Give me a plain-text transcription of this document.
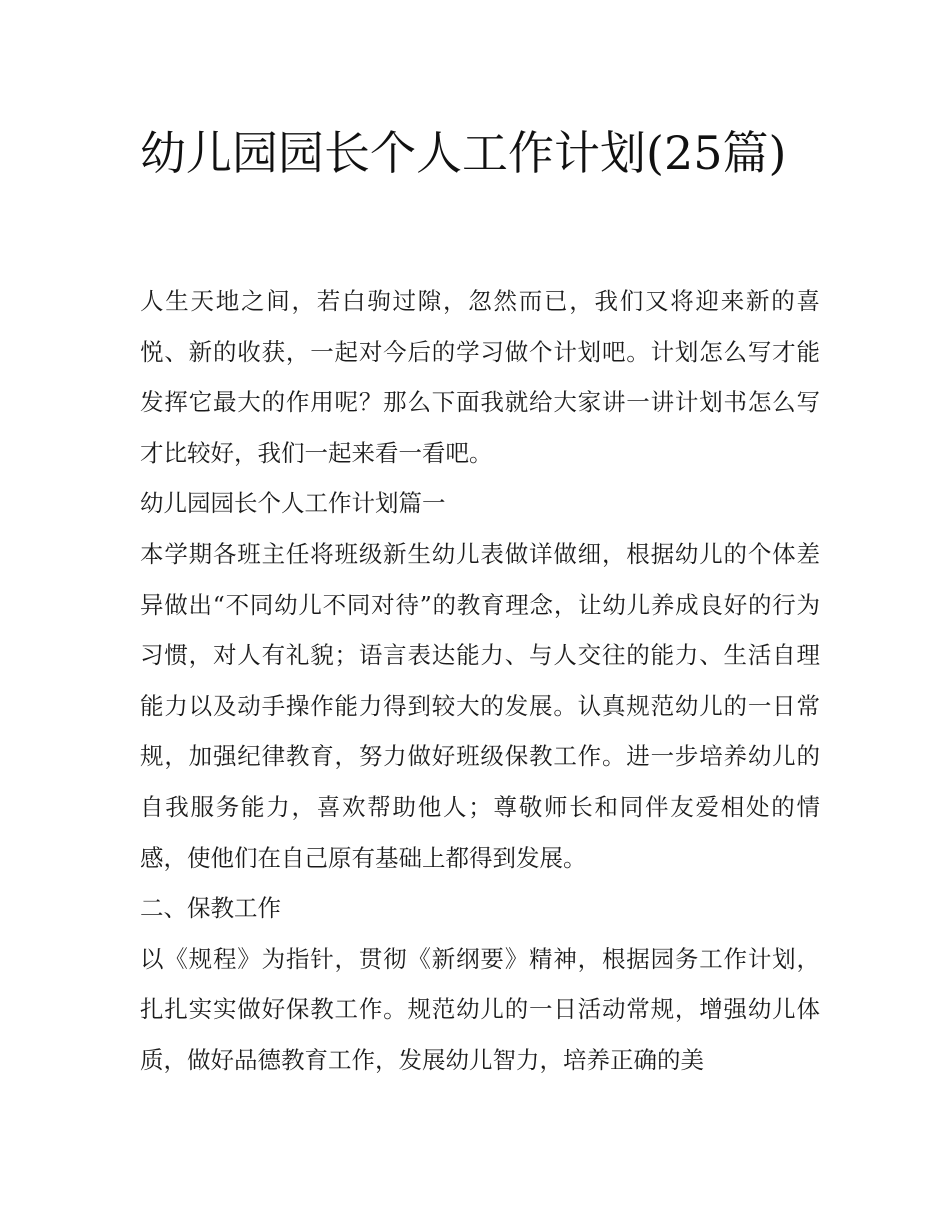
幼儿园园长个人工作计划(25篇)

人生天地之间，若白驹过隙，忽然而已，我们又将迎来新的喜悦、新的收获，一起对今后的学习做个计划吧。计划怎么写才能发挥它最大的作用呢？那么下面我就给大家讲一讲计划书怎么写才比较好，我们一起来看一看吧。

幼儿园园长个人工作计划篇一

本学期各班主任将班级新生幼儿表做详做细，根据幼儿的个体差异做出“不同幼儿不同对待”的教育理念，让幼儿养成良好的行为习惯，对人有礼貌；语言表达能力、与人交往的能力、生活自理能力以及动手操作能力得到较大的发展。认真规范幼儿的一日常规，加强纪律教育，努力做好班级保教工作。进一步培养幼儿的自我服务能力，喜欢帮助他人；尊敬师长和同伴友爱相处的情感，使他们在自己原有基础上都得到发展。

二、保教工作

以《规程》为指针，贯彻《新纲要》精神，根据园务工作计划，扎扎实实做好保教工作。规范幼儿的一日活动常规，增强幼儿体质，做好品德教育工作，发展幼儿智力，培养正确的美
